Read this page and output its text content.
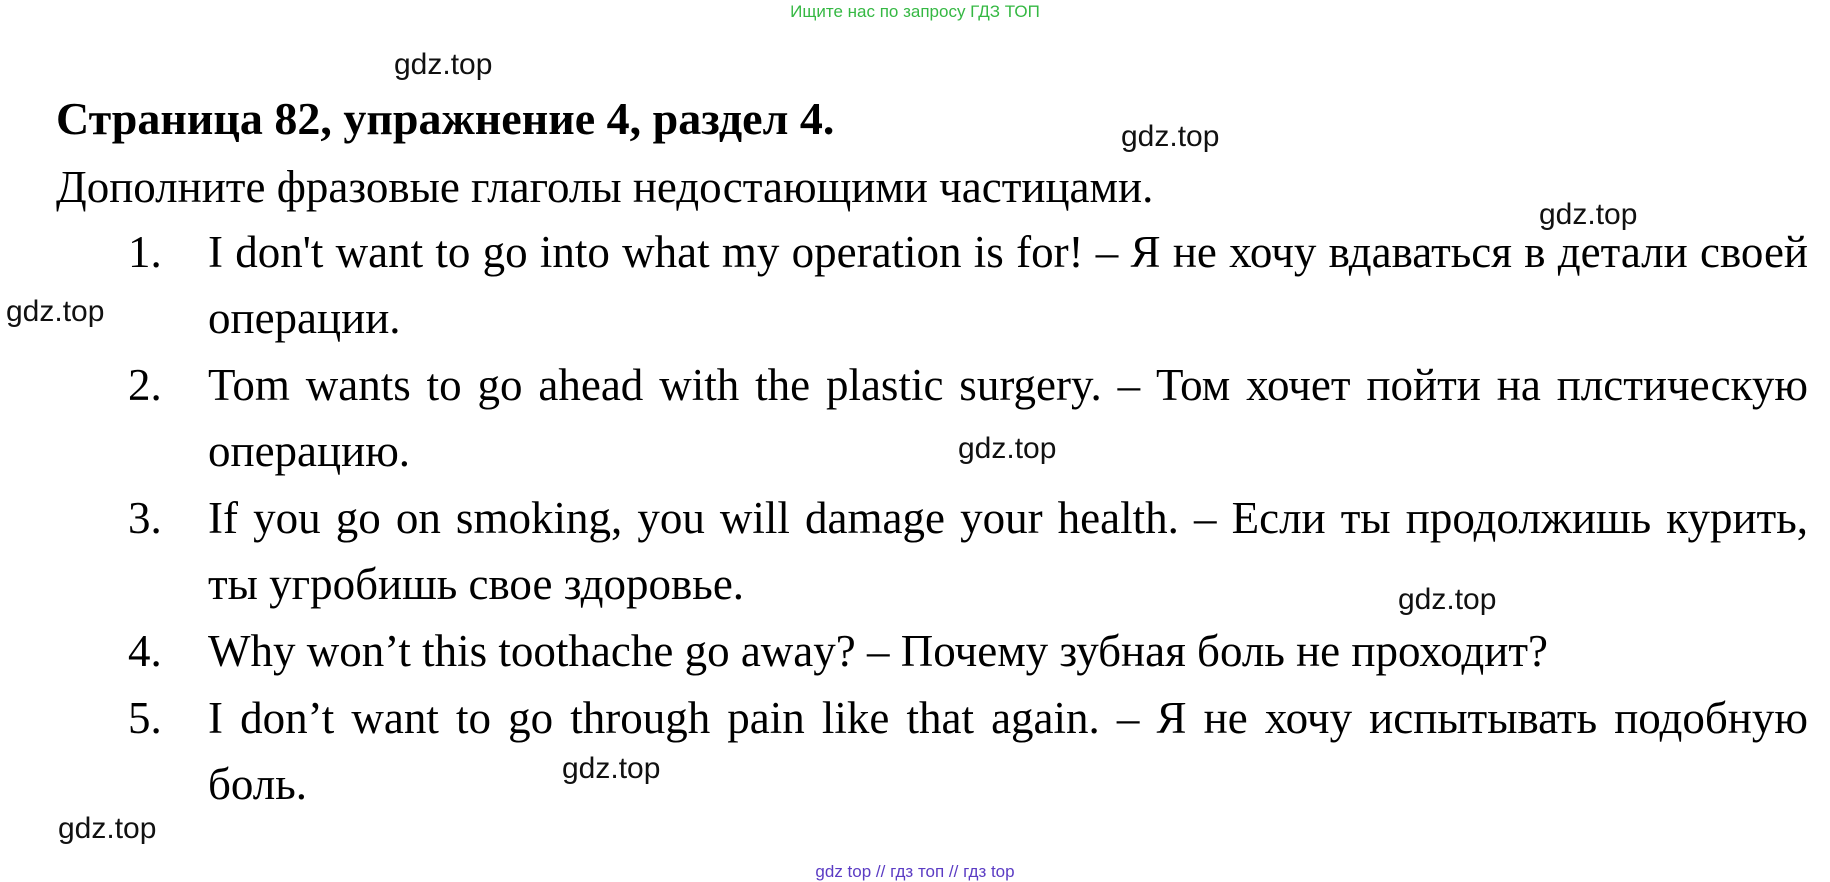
Ищите нас по запросу ГДЗ ТОП
gdz.top
gdz.top
gdz.top
gdz.top
gdz.top
gdz.top
gdz.top
gdz.top
Страница 82, упражнение 4, раздел 4.
Дополните фразовые глаголы недостающими частицами.
1. I don't want to go into what my operation is for! – Я не хочу вдаваться в детали своей операции.
2. Tom wants to go ahead with the plastic surgery. – Том хочет пойти на плстическую операцию.
3. If you go on smoking, you will damage your health. – Если ты продолжишь курить, ты угробишь свое здоровье.
4. Why won’t this toothache go away? – Почему зубная боль не проходит?
5. I don’t want to go through pain like that again. – Я не хочу испытывать подобную боль.
gdz top // гдз топ // гдз top
